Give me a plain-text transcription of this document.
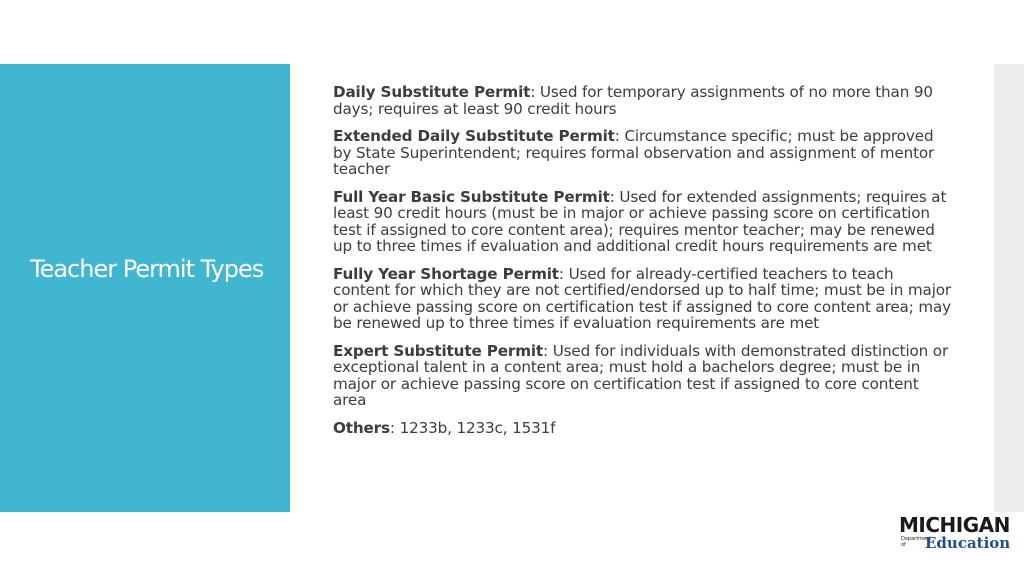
Teacher Permit Types

Daily Substitute Permit: Used for temporary assignments of no more than 90 days; requires at least 90 credit hours

Extended Daily Substitute Permit: Circumstance specific; must be approved by State Superintendent; requires formal observation and assignment of mentor teacher

Full Year Basic Substitute Permit: Used for extended assignments; requires at least 90 credit hours (must be in major or achieve passing score on certification test if assigned to core content area); requires mentor teacher; may be renewed up to three times if evaluation and additional credit hours requirements are met

Fully Year Shortage Permit: Used for already-certified teachers to teach content for which they are not certified/endorsed up to half time; must be in major or achieve passing score on certification test if assigned to core content area; may be renewed up to three times if evaluation requirements are met

Expert Substitute Permit: Used for individuals with demonstrated distinction or exceptional talent in a content area; must hold a bachelors degree; must be in major or achieve passing score on certification test if assigned to core content area

Others: 1233b, 1233c, 1531f

MICHIGAN
Department of	Education
